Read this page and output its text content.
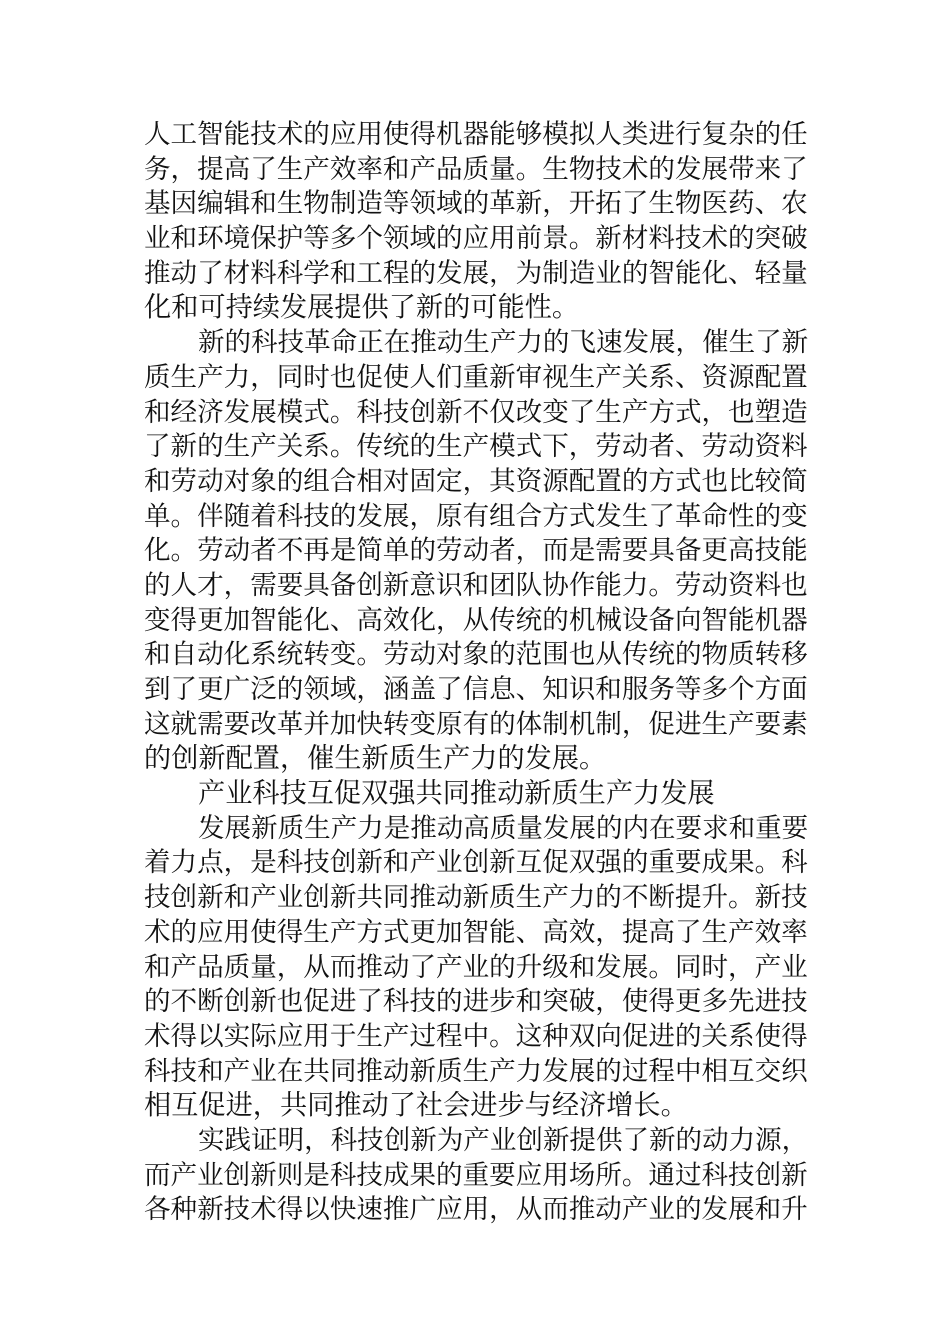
人工智能技术的应用使得机器能够模拟人类进行复杂的任
务，提高了生产效率和产品质量。生物技术的发展带来了
基因编辑和生物制造等领域的革新，开拓了生物医药、农
业和环境保护等多个领域的应用前景。新材料技术的突破
推动了材料科学和工程的发展，为制造业的智能化、轻量
化和可持续发展提供了新的可能性。
新的科技革命正在推动生产力的飞速发展，催生了新
质生产力，同时也促使人们重新审视生产关系、资源配置
和经济发展模式。科技创新不仅改变了生产方式，也塑造
了新的生产关系。传统的生产模式下，劳动者、劳动资料
和劳动对象的组合相对固定，其资源配置的方式也比较简
单。伴随着科技的发展，原有组合方式发生了革命性的变
化。劳动者不再是简单的劳动者，而是需要具备更高技能
的人才，需要具备创新意识和团队协作能力。劳动资料也
变得更加智能化、高效化，从传统的机械设备向智能机器
和自动化系统转变。劳动对象的范围也从传统的物质转移
到了更广泛的领域，涵盖了信息、知识和服务等多个方面
这就需要改革并加快转变原有的体制机制，促进生产要素
的创新配置，催生新质生产力的发展。
产业科技互促双强共同推动新质生产力发展
发展新质生产力是推动高质量发展的内在要求和重要
着力点，是科技创新和产业创新互促双强的重要成果。科
技创新和产业创新共同推动新质生产力的不断提升。新技
术的应用使得生产方式更加智能、高效，提高了生产效率
和产品质量，从而推动了产业的升级和发展。同时，产业
的不断创新也促进了科技的进步和突破，使得更多先进技
术得以实际应用于生产过程中。这种双向促进的关系使得
科技和产业在共同推动新质生产力发展的过程中相互交织
相互促进，共同推动了社会进步与经济增长。
实践证明，科技创新为产业创新提供了新的动力源，
而产业创新则是科技成果的重要应用场所。通过科技创新
各种新技术得以快速推广应用，从而推动产业的发展和升
